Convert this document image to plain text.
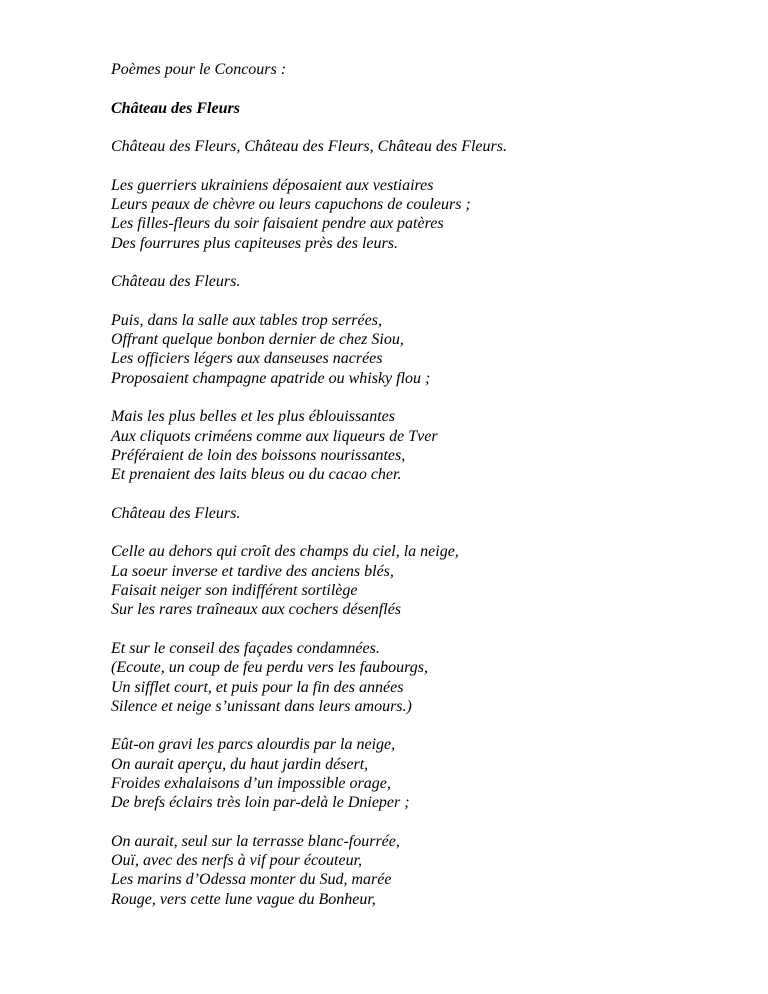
Poèmes pour le Concours :

Château des Fleurs

Château des Fleurs, Château des Fleurs, Château des Fleurs.

Les guerriers ukrainiens déposaient aux vestiaires
Leurs peaux de chèvre ou leurs capuchons de couleurs ;
Les filles-fleurs du soir faisaient pendre aux patères
Des fourrures plus capiteuses près des leurs.

Château des Fleurs.

Puis, dans la salle aux tables trop serrées,
Offrant quelque bonbon dernier de chez Siou,
Les officiers légers aux danseuses nacrées
Proposaient champagne apatride ou whisky flou ;

Mais les plus belles et les plus éblouissantes
Aux cliquots criméens comme aux liqueurs de Tver
Préféraient de loin des boissons nourissantes,
Et prenaient des laits bleus ou du cacao cher.

Château des Fleurs.

Celle au dehors qui croît des champs du ciel, la neige,
La soeur inverse et tardive des anciens blés,
Faisait neiger son indifférent sortilège
Sur les rares traîneaux aux cochers désenflés

Et sur le conseil des façades condamnées.
(Ecoute, un coup de feu perdu vers les faubourgs,
Un sifflet court, et puis pour la fin des années
Silence et neige s’unissant dans leurs amours.)

Eût-on gravi les parcs alourdis par la neige,
On aurait aperçu, du haut jardin désert,
Froides exhalaisons d’un impossible orage,
De brefs éclairs très loin par-delà le Dnieper ;

On aurait, seul sur la terrasse blanc-fourrée,
Ouï, avec des nerfs à vif pour écouteur,
Les marins d’Odessa monter du Sud, marée
Rouge, vers cette lune vague du Bonheur,
